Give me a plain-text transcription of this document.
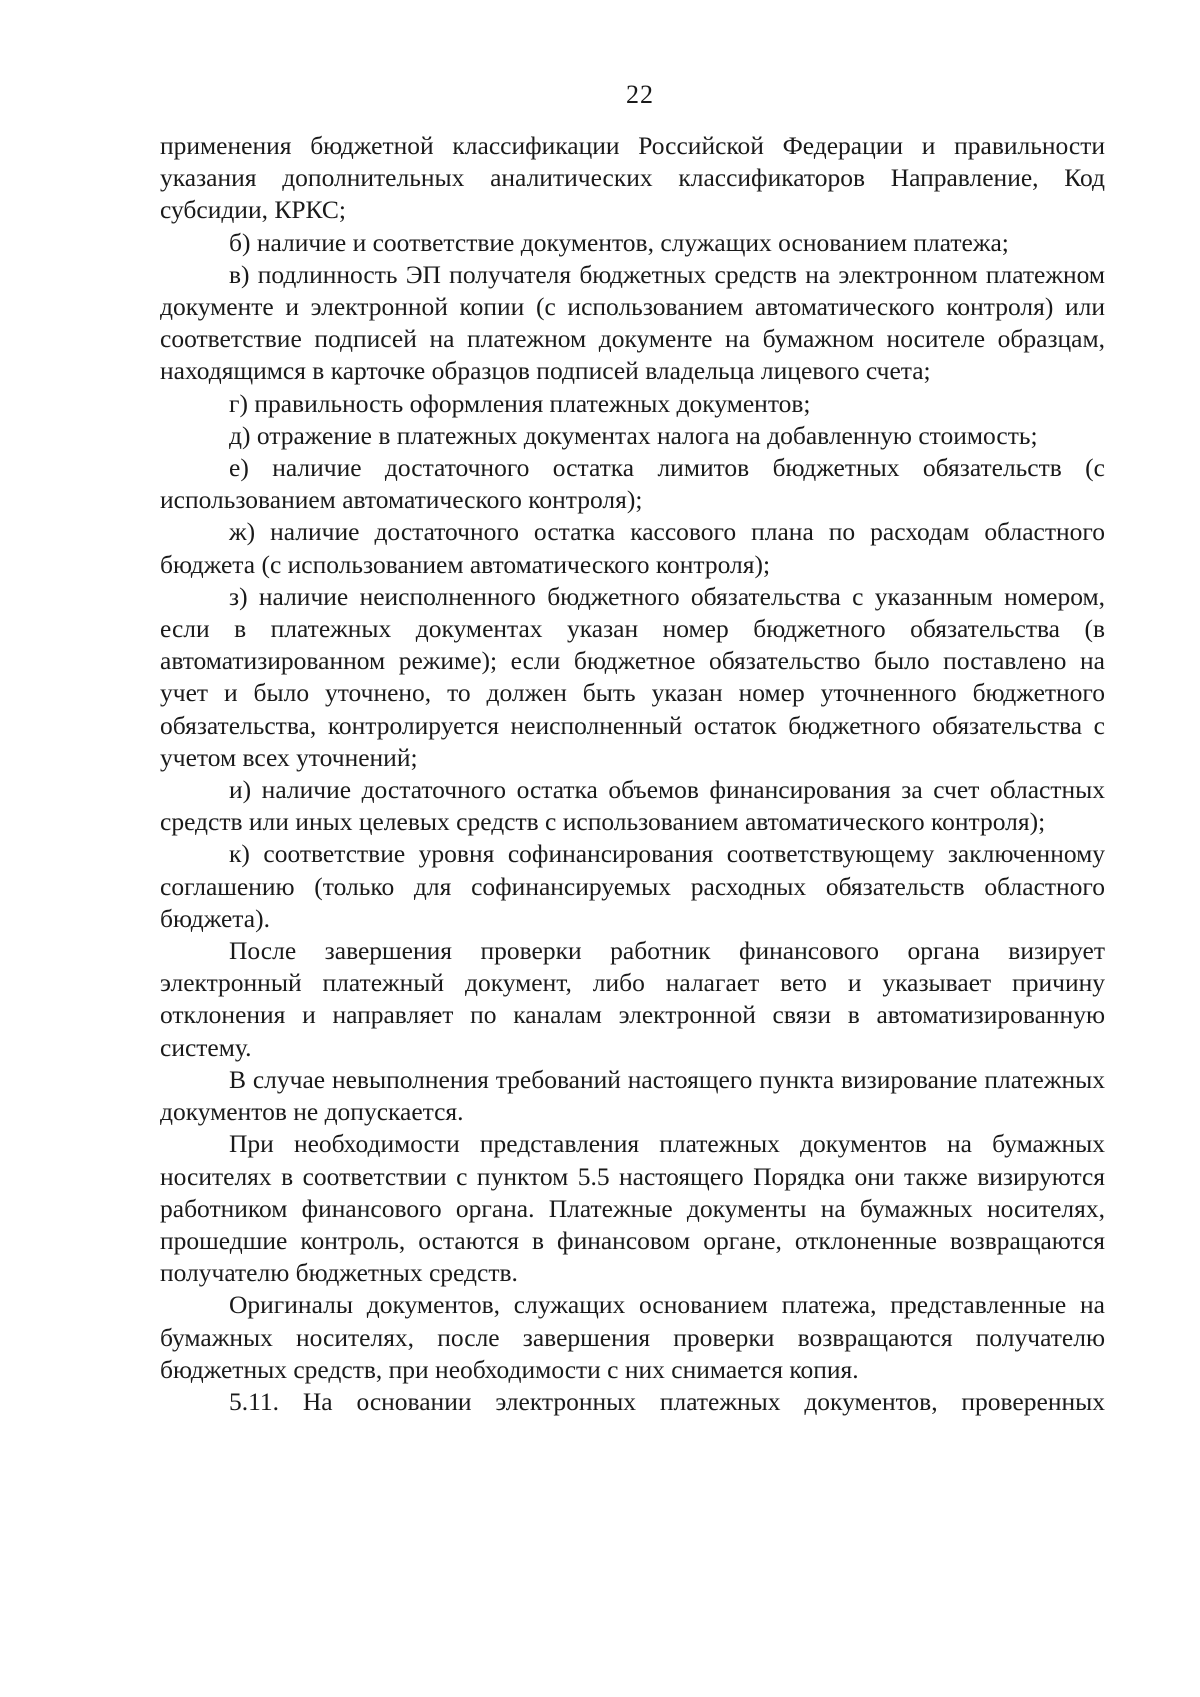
22

применения бюджетной классификации Российской Федерации и правильности указания дополнительных аналитических классификаторов Направление, Код субсидии, КРКС;

б) наличие и соответствие документов, служащих основанием платежа;

в) подлинность ЭП получателя бюджетных средств на электронном платежном документе и электронной копии (с использованием автоматического контроля) или соответствие подписей на платежном документе на бумажном носителе образцам, находящимся в карточке образцов подписей владельца лицевого счета;

г) правильность оформления платежных документов;

д) отражение в платежных документах налога на добавленную стоимость;

е) наличие достаточного остатка лимитов бюджетных обязательств (с использованием автоматического контроля);

ж) наличие достаточного остатка кассового плана по расходам областного бюджета (с использованием автоматического контроля);

з) наличие неисполненного бюджетного обязательства с указанным номером, если в платежных документах указан номер бюджетного обязательства (в автоматизированном режиме); если бюджетное обязательство было поставлено на учет и было уточнено, то должен быть указан номер уточненного бюджетного обязательства, контролируется неисполненный остаток бюджетного обязательства с учетом всех уточнений;

и) наличие достаточного остатка объемов финансирования за счет областных средств или иных целевых средств с использованием автоматического контроля);

к) соответствие уровня софинансирования соответствующему заключенному соглашению (только для софинансируемых расходных обязательств областного бюджета).

После завершения проверки работник финансового органа визирует электронный платежный документ, либо налагает вето и указывает причину отклонения и направляет по каналам электронной связи в автоматизированную систему.

В случае невыполнения требований настоящего пункта визирование платежных документов не допускается.

При необходимости представления платежных документов на бумажных носителях в соответствии с пунктом 5.5 настоящего Порядка они также визируются работником финансового органа. Платежные документы на бумажных носителях, прошедшие контроль, остаются в финансовом органе, отклоненные возвращаются получателю бюджетных средств.

Оригиналы документов, служащих основанием платежа, представленные на бумажных носителях, после завершения проверки возвращаются получателю бюджетных средств, при необходимости с них снимается копия.

5.11. На основании электронных платежных документов, проверенных
